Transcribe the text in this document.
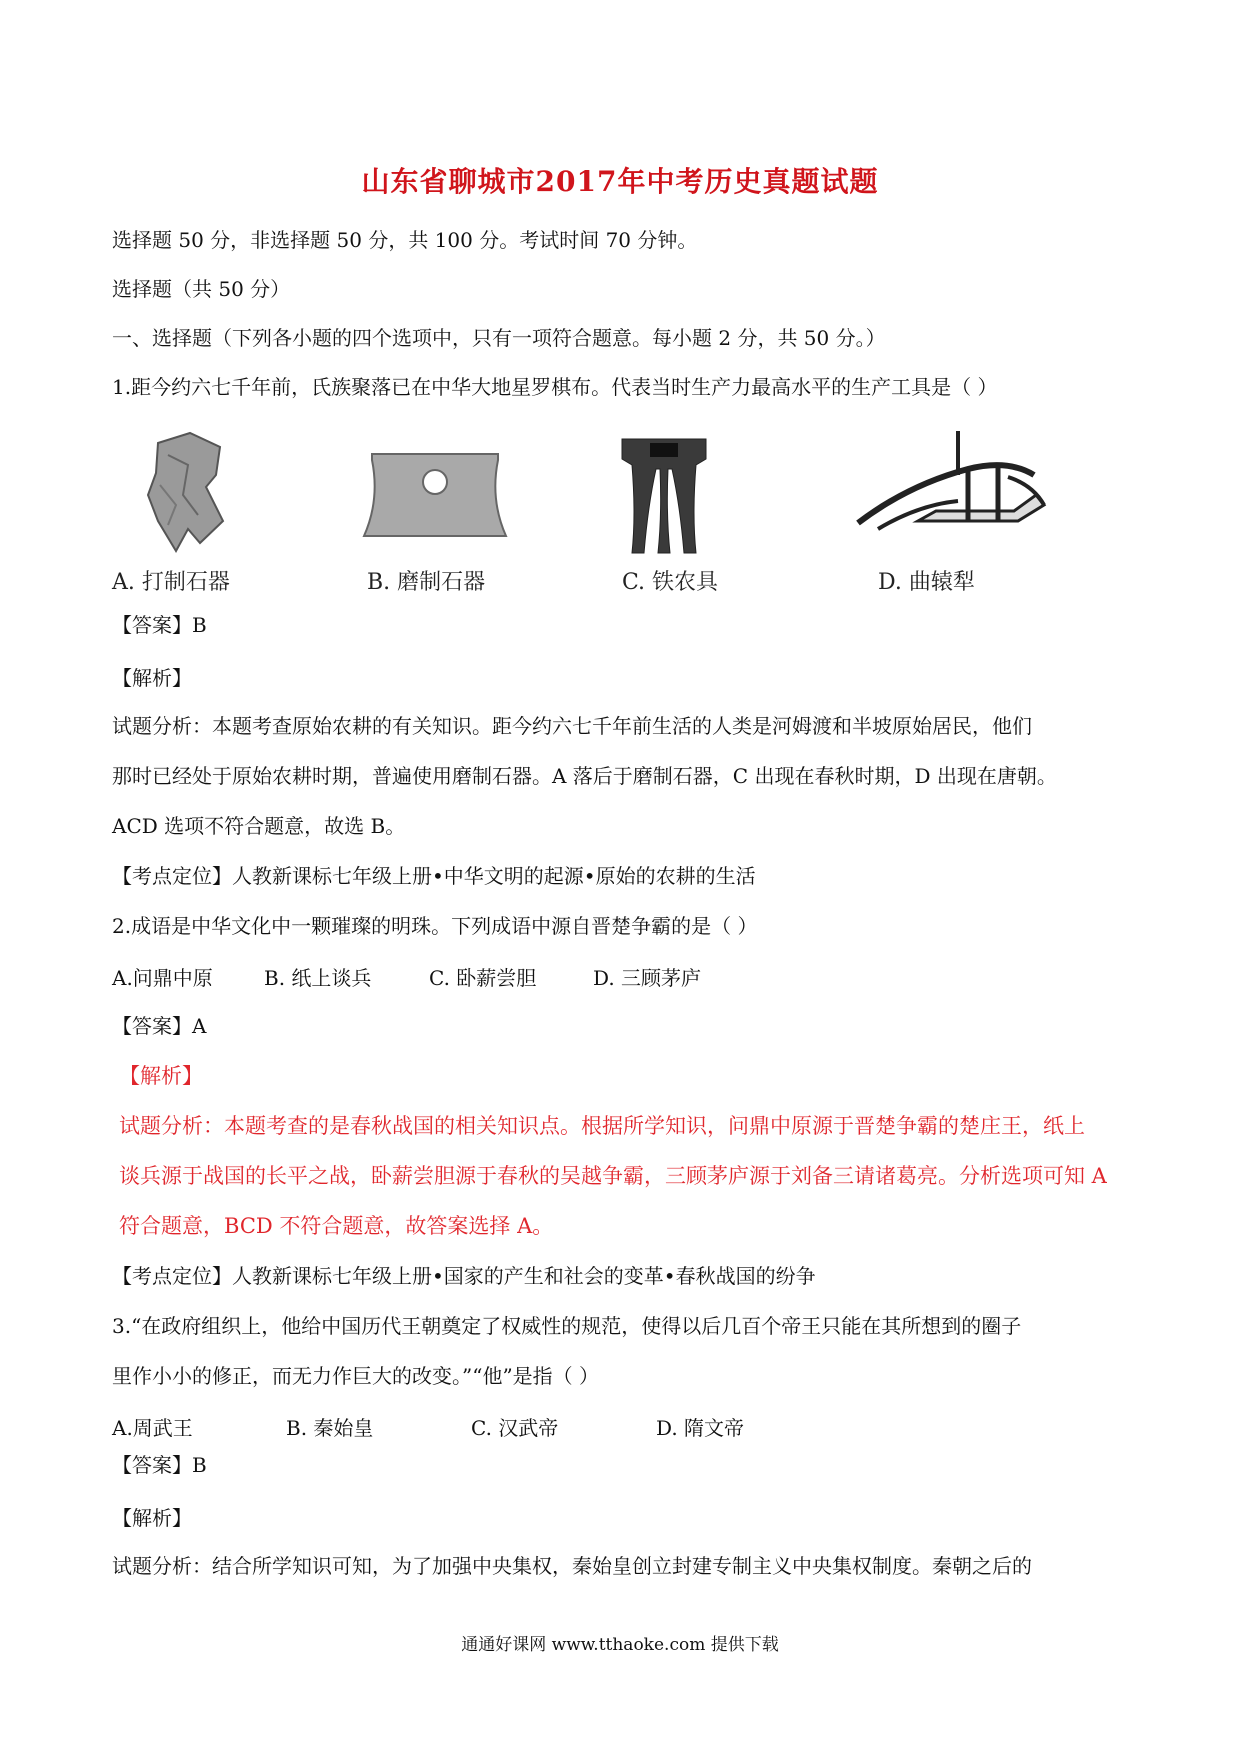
山东省聊城市2017年中考历史真题试题
选择题 50 分，非选择题 50 分，共 100 分。考试时间 70 分钟。
选择题（共 50 分）
一、选择题（下列各小题的四个选项中，只有一项符合题意。每小题 2 分，共 50 分。）
1.距今约六七千年前，氏族聚落已在中华大地星罗棋布。代表当时生产力最高水平的生产工具是（ ）
A. 打制石器	B. 磨制石器	C. 铁农具	D. 曲辕犁
【答案】B
【解析】
试题分析：本题考查原始农耕的有关知识。距今约六七千年前生活的人类是河姆渡和半坡原始居民，他们
那时已经处于原始农耕时期，普遍使用磨制石器。A 落后于磨制石器，C 出现在春秋时期，D 出现在唐朝。
ACD 选项不符合题意，故选 B。
【考点定位】人教新课标七年级上册•中华文明的起源•原始的农耕的生活
2.成语是中华文化中一颗璀璨的明珠。下列成语中源自晋楚争霸的是（ ）
A.问鼎中原	B. 纸上谈兵	C. 卧薪尝胆	D. 三顾茅庐
【答案】A
【解析】
试题分析：本题考查的是春秋战国的相关知识点。根据所学知识，问鼎中原源于晋楚争霸的楚庄王，纸上
谈兵源于战国的长平之战，卧薪尝胆源于春秋的吴越争霸，三顾茅庐源于刘备三请诸葛亮。分析选项可知 A
符合题意，BCD 不符合题意，故答案选择 A。
【考点定位】人教新课标七年级上册•国家的产生和社会的变革•春秋战国的纷争
3.“在政府组织上，他给中国历代王朝奠定了权威性的规范，使得以后几百个帝王只能在其所想到的圈子
里作小小的修正，而无力作巨大的改变。”“他”是指（ ）
A.周武王	B. 秦始皇	C. 汉武帝	D. 隋文帝
【答案】B
【解析】
试题分析：结合所学知识可知，为了加强中央集权，秦始皇创立封建专制主义中央集权制度。秦朝之后的
通通好课网 www.tthaoke.com 提供下载
